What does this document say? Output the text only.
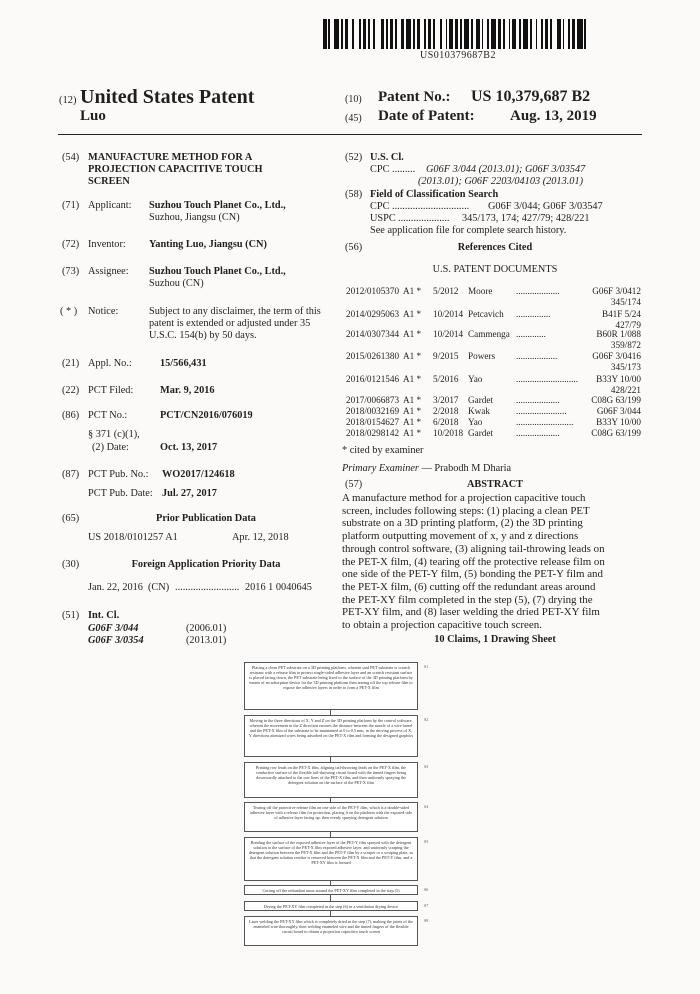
US010379687B2
(12) United States Patent
Luo
(10) Patent No.: US 10,379,687 B2
(45) Date of Patent: Aug. 13, 2019
(54) MANUFACTURE METHOD FOR A
PROJECTION CAPACITIVE TOUCH
SCREEN
(71) Applicant: Suzhou Touch Planet Co., Ltd.,
Suzhou, Jiangsu (CN)
(72) Inventor: Yanting Luo, Jiangsu (CN)
(73) Assignee: Suzhou Touch Planet Co., Ltd.,
Suzhou (CN)
( * ) Notice:	Subject to any disclaimer, the term of this
patent is extended or adjusted under 35
U.S.C. 154(b) by 50 days.
(21) Appl. No.:	15/566,431
(22) PCT Filed:	Mar. 9, 2016
(86) PCT No.:	PCT/CN2016/076019
§ 371 (c)(1),
(2) Date:	Oct. 13, 2017
(87) PCT Pub. No.: WO2017/124618
PCT Pub. Date: Jul. 27, 2017
(65)	Prior Publication Data
US 2018/0101257 A1	Apr. 12, 2018
(30)	Foreign Application Priority Data
Jan. 22, 2016 (CN) ......................... 2016 1 0040645
(51) Int. Cl.
G06F 3/044	(2006.01)
G06F 3/0354	(2013.01)
(52) U.S. Cl.
CPC ......... G06F 3/044 (2013.01); G06F 3/03547
(2013.01); G06F 2203/04103 (2013.01)
(58) Field of Classification Search
CPC .............................. G06F 3/044; G06F 3/03547
USPC .................... 345/173, 174; 427/79; 428/221
See application file for complete search history.
(56)	References Cited
U.S. PATENT DOCUMENTS
2012/0105370 A1 * 5/2012 Moore	...................	G06F 3/0412
345/174
2014/0295063 A1 * 10/2014 Petcavich ...............	B41F 5/24
427/79
2014/0307344 A1 * 10/2014 Cammenga .............	B60R 1/088
359/872
2015/0261380 A1 * 9/2015 Powers ..................	G06F 3/0416
345/173
2016/0121546 A1 * 5/2016 Yao	...........................	B33Y 10/00
428/221
2017/0066873 A1 * 3/2017 Gardet	...................	C08G 63/199
2018/0032169 A1 * 2/2018 Kwak	......................	G06F 3/044
2018/0154627 A1 * 6/2018 Yao	.........................	B33Y 10/00
2018/0298142 A1 * 10/2018 Gardet	...................	C08G 63/199
* cited by examiner
Primary Examiner — Prabodh M Dharia
(57)	ABSTRACT
A manufacture method for a projection capacitive touch
screen, includes following steps: (1) placing a clean PET
substrate on a 3D printing platform, (2) the 3D printing
platform outputting movement of x, y and z directions
through control software, (3) aligning tail-throwing leads on
the PET-X film, (4) tearing off the protective release film on
one side of the PET-Y film, (5) bonding the PET-Y film and
the PET-X film, (6) cutting off the redundant areas around
the PET-XY film completed in the step (5), (7) drying the
PET-XY film, and (8) laser welding the dried PET-XY film
to obtain a projection capacitive touch screen.
10 Claims, 1 Drawing Sheet
Placing a clean PET substrate on a 3D printing platform, wherein said PET substrate is scratch resistant with a release film to protect single-sided adhesive layer and an scratch resistant surface is placed facing down, the PET substrate being fixed to the surface of the 3D printing platform by means of an adsorption device for the 3D printing platform then tearing off the top release film to expose the adhesive layers in order to form a PET-X film
S1
Moving in the three directions of X, Y and Z on the 3D printing platform by the control software, wherein the movement in the Z direction ensures the distance between the nozzle of a wire barrel and the PET-X film of the substrate to be maintained at 0 to 0.5 mm, in the moving process of X, Y directions atomized wires being adsorbed on the PET-X film and forming the designed graphics
S2
Printing row leads on the PET-X film, aligning tail-throwing leads on the PET-X film, the conductive surface of the flexible tail-throwing circuit board with the tinned fingers being downwardly attached to the row lines of the PET-X film, and then uniformly spraying the detergent solution on the surface of the PET-X film
S3
Tearing off the protective release film on one side of the PET-Y film, which is a double-sided adhesive layer with a release film for protection, placing it on the platform with the exposed side of adhesive layer facing up, then evenly spraying detergent solution
S4
Bonding the surface of the exposed adhesive layer of the PET-Y film sprayed with the detergent solution to the surface of the PET-X film exposed adhesive layer, and uniformly scraping the detergent solution between the PET-X film and the PET-Y film by a scraper or a scraping plate, so that the detergent solution residue is removed between the PET-X film and the PET-Y film, and a PET-XY film is formed
S5
Cutting off the redundant areas around the PET-XY film completed in the step (5)	S6
Drying the PET-XY film completed in the step (6) in a ventilation drying device	S7
Laser welding the PET-XY film which is completely dried in the step (7), making the joints of the enameled wire thoroughly, then welding enameled wire and the tinned fingers of the flexible circuit board to obtain a projection capacitive touch screen
S8
